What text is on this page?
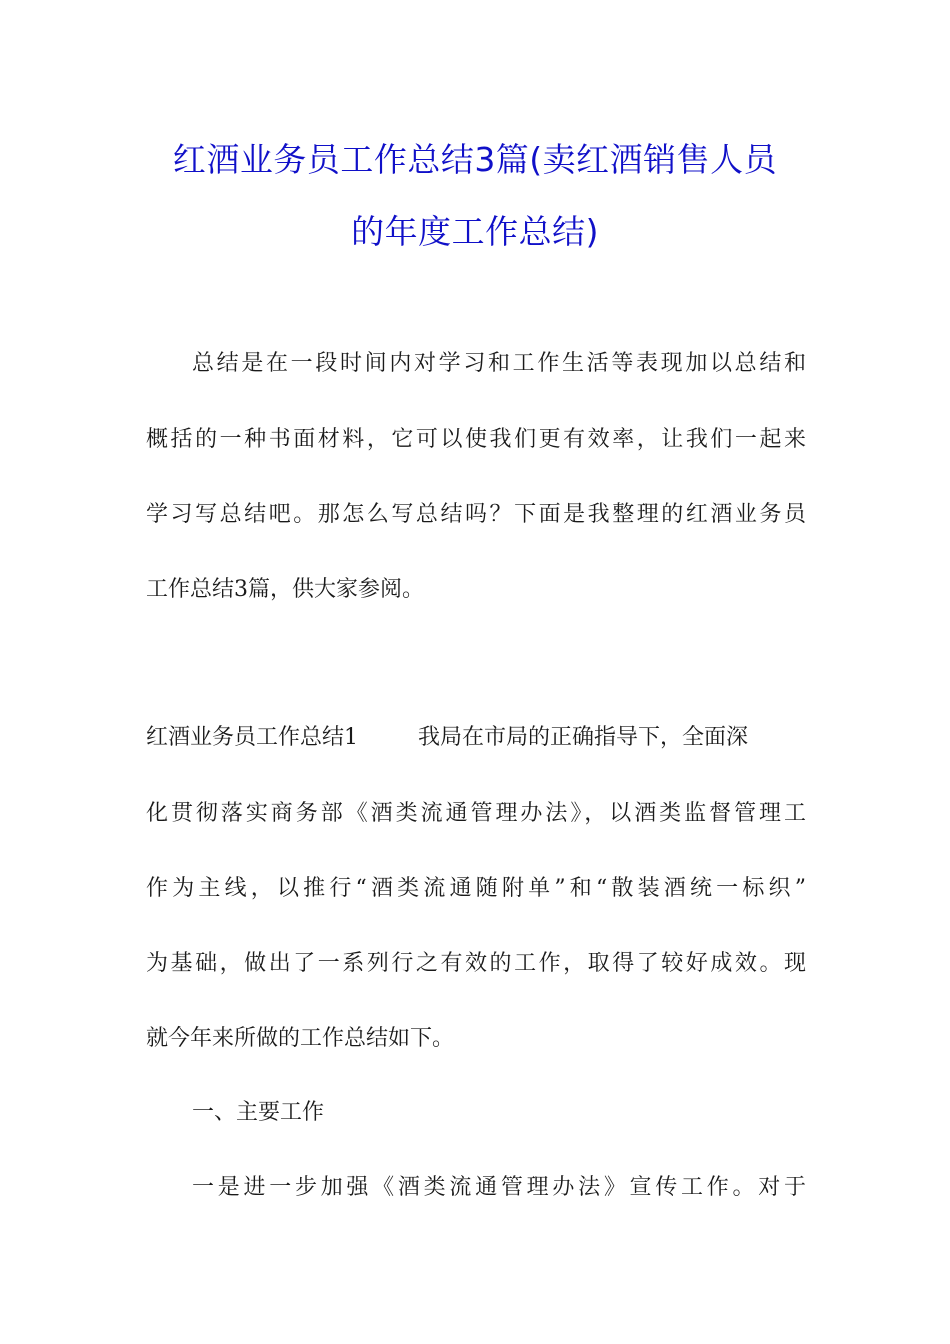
红酒业务员工作总结3篇(卖红酒销售人员
的年度工作总结)
总结是在一段时间内对学习和工作生活等表现加以总结和
概括的一种书面材料，它可以使我们更有效率，让我们一起来
学习写总结吧。那怎么写总结吗？下面是我整理的红酒业务员
工作总结3篇，供大家参阅。
红酒业务员工作总结1	我局在市局的正确指导下，全面深
化贯彻落实商务部《酒类流通管理办法》，以酒类监督管理工
作为主线，以推行“酒类流通随附单”和“散装酒统一标织”
为基础，做出了一系列行之有效的工作，取得了较好成效。现
就今年来所做的工作总结如下。
一、主要工作
一是进一步加强《酒类流通管理办法》宣传工作。对于
